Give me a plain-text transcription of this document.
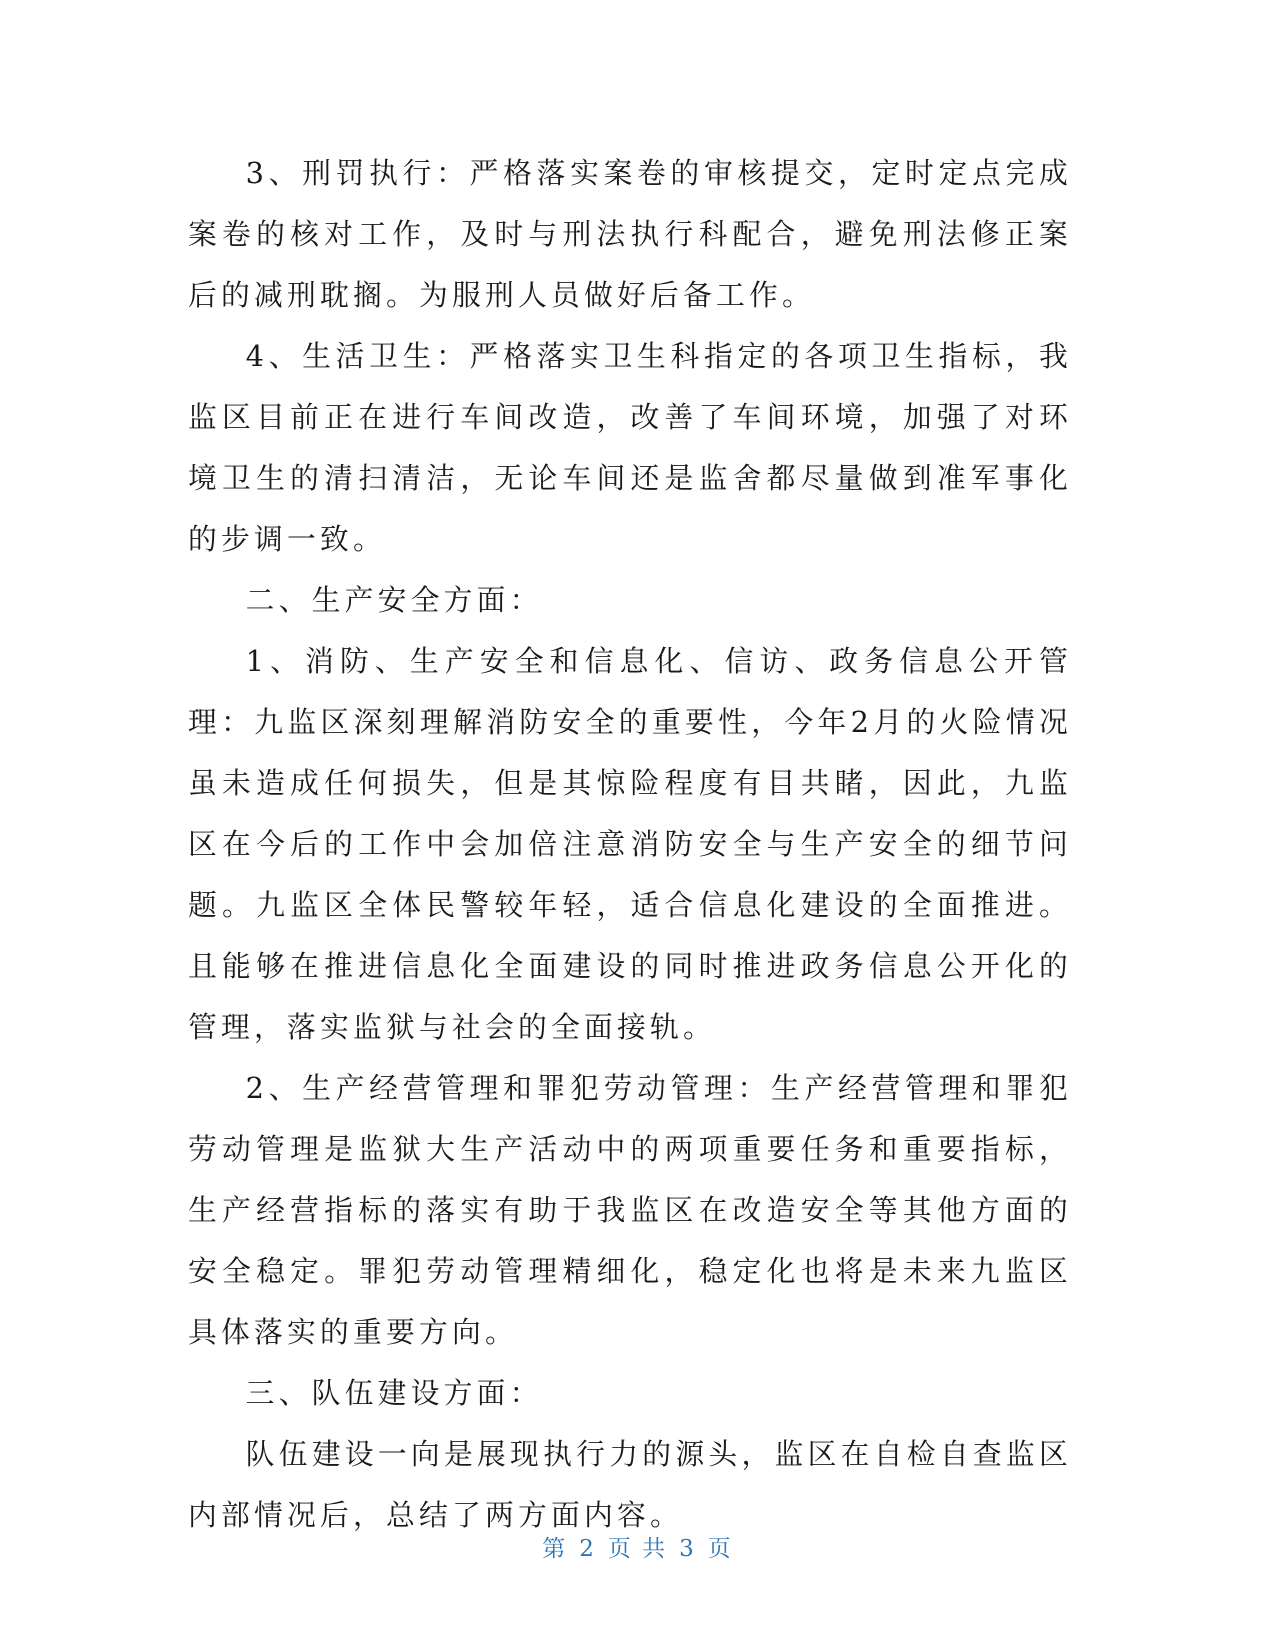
3、刑罚执行：严格落实案卷的审核提交，定时定点完成案卷的核对工作，及时与刑法执行科配合，避免刑法修正案后的减刑耽搁。为服刑人员做好后备工作。

4、生活卫生：严格落实卫生科指定的各项卫生指标，我监区目前正在进行车间改造，改善了车间环境，加强了对环境卫生的清扫清洁，无论车间还是监舍都尽量做到准军事化的步调一致。

二、生产安全方面：

1、消防、生产安全和信息化、信访、政务信息公开管理：九监区深刻理解消防安全的重要性，今年2月的火险情况虽未造成任何损失，但是其惊险程度有目共睹，因此，九监区在今后的工作中会加倍注意消防安全与生产安全的细节问题。九监区全体民警较年轻，适合信息化建设的全面推进。且能够在推进信息化全面建设的同时推进政务信息公开化的管理，落实监狱与社会的全面接轨。

2、生产经营管理和罪犯劳动管理：生产经营管理和罪犯劳动管理是监狱大生产活动中的两项重要任务和重要指标，生产经营指标的落实有助于我监区在改造安全等其他方面的安全稳定。罪犯劳动管理精细化，稳定化也将是未来九监区具体落实的重要方向。

三、队伍建设方面：

队伍建设一向是展现执行力的源头，监区在自检自查监区内部情况后，总结了两方面内容。

第 2 页 共 3 页
